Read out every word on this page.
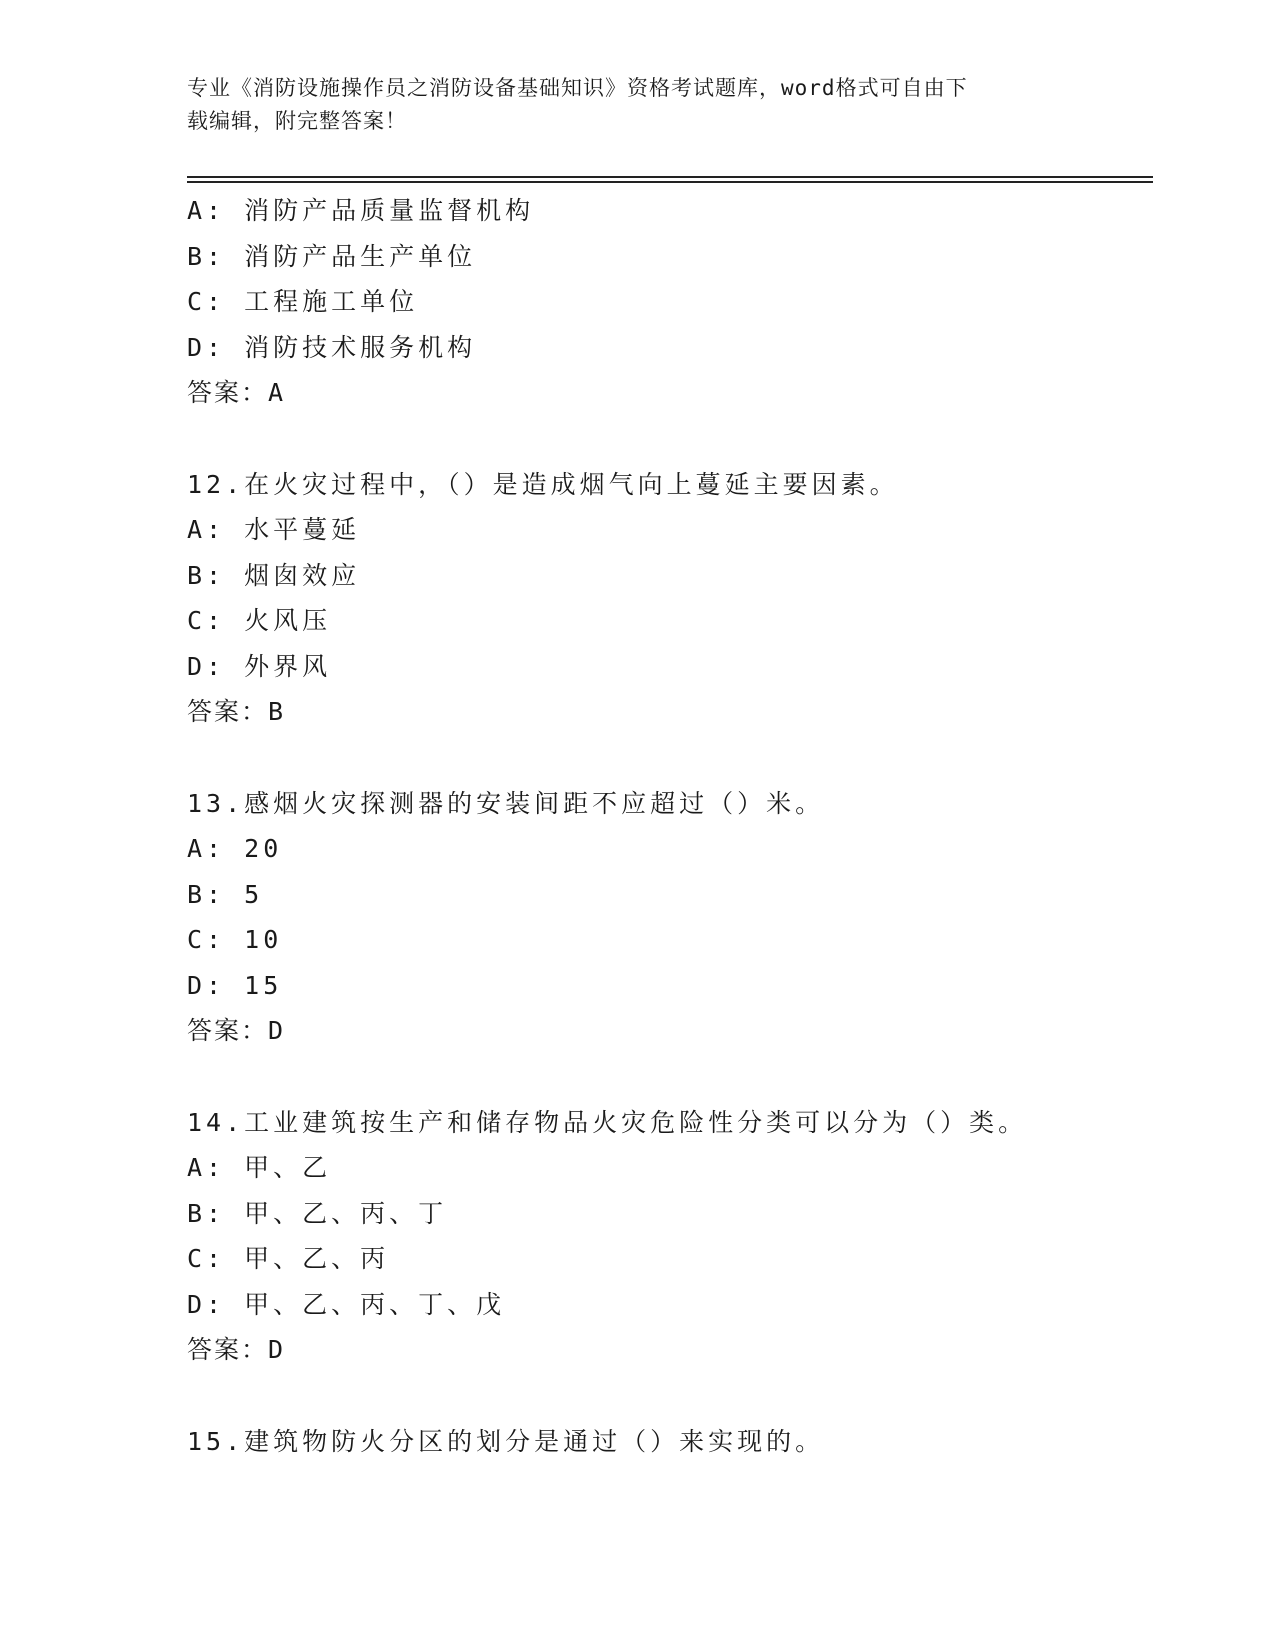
专业《消防设施操作员之消防设备基础知识》资格考试题库，word格式可自由下
载编辑，附完整答案！
A: 消防产品质量监督机构
B: 消防产品生产单位
C: 工程施工单位
D: 消防技术服务机构
答案：A
12.在火灾过程中，（）是造成烟气向上蔓延主要因素。
A: 水平蔓延
B: 烟囱效应
C: 火风压
D: 外界风
答案：B
13.感烟火灾探测器的安装间距不应超过（）米。
A: 20
B: 5
C: 10
D: 15
答案：D
14.工业建筑按生产和储存物品火灾危险性分类可以分为（）类。
A: 甲、乙
B: 甲、乙、丙、丁
C: 甲、乙、丙
D: 甲、乙、丙、丁、戊
答案：D
15.建筑物防火分区的划分是通过（）来实现的。
